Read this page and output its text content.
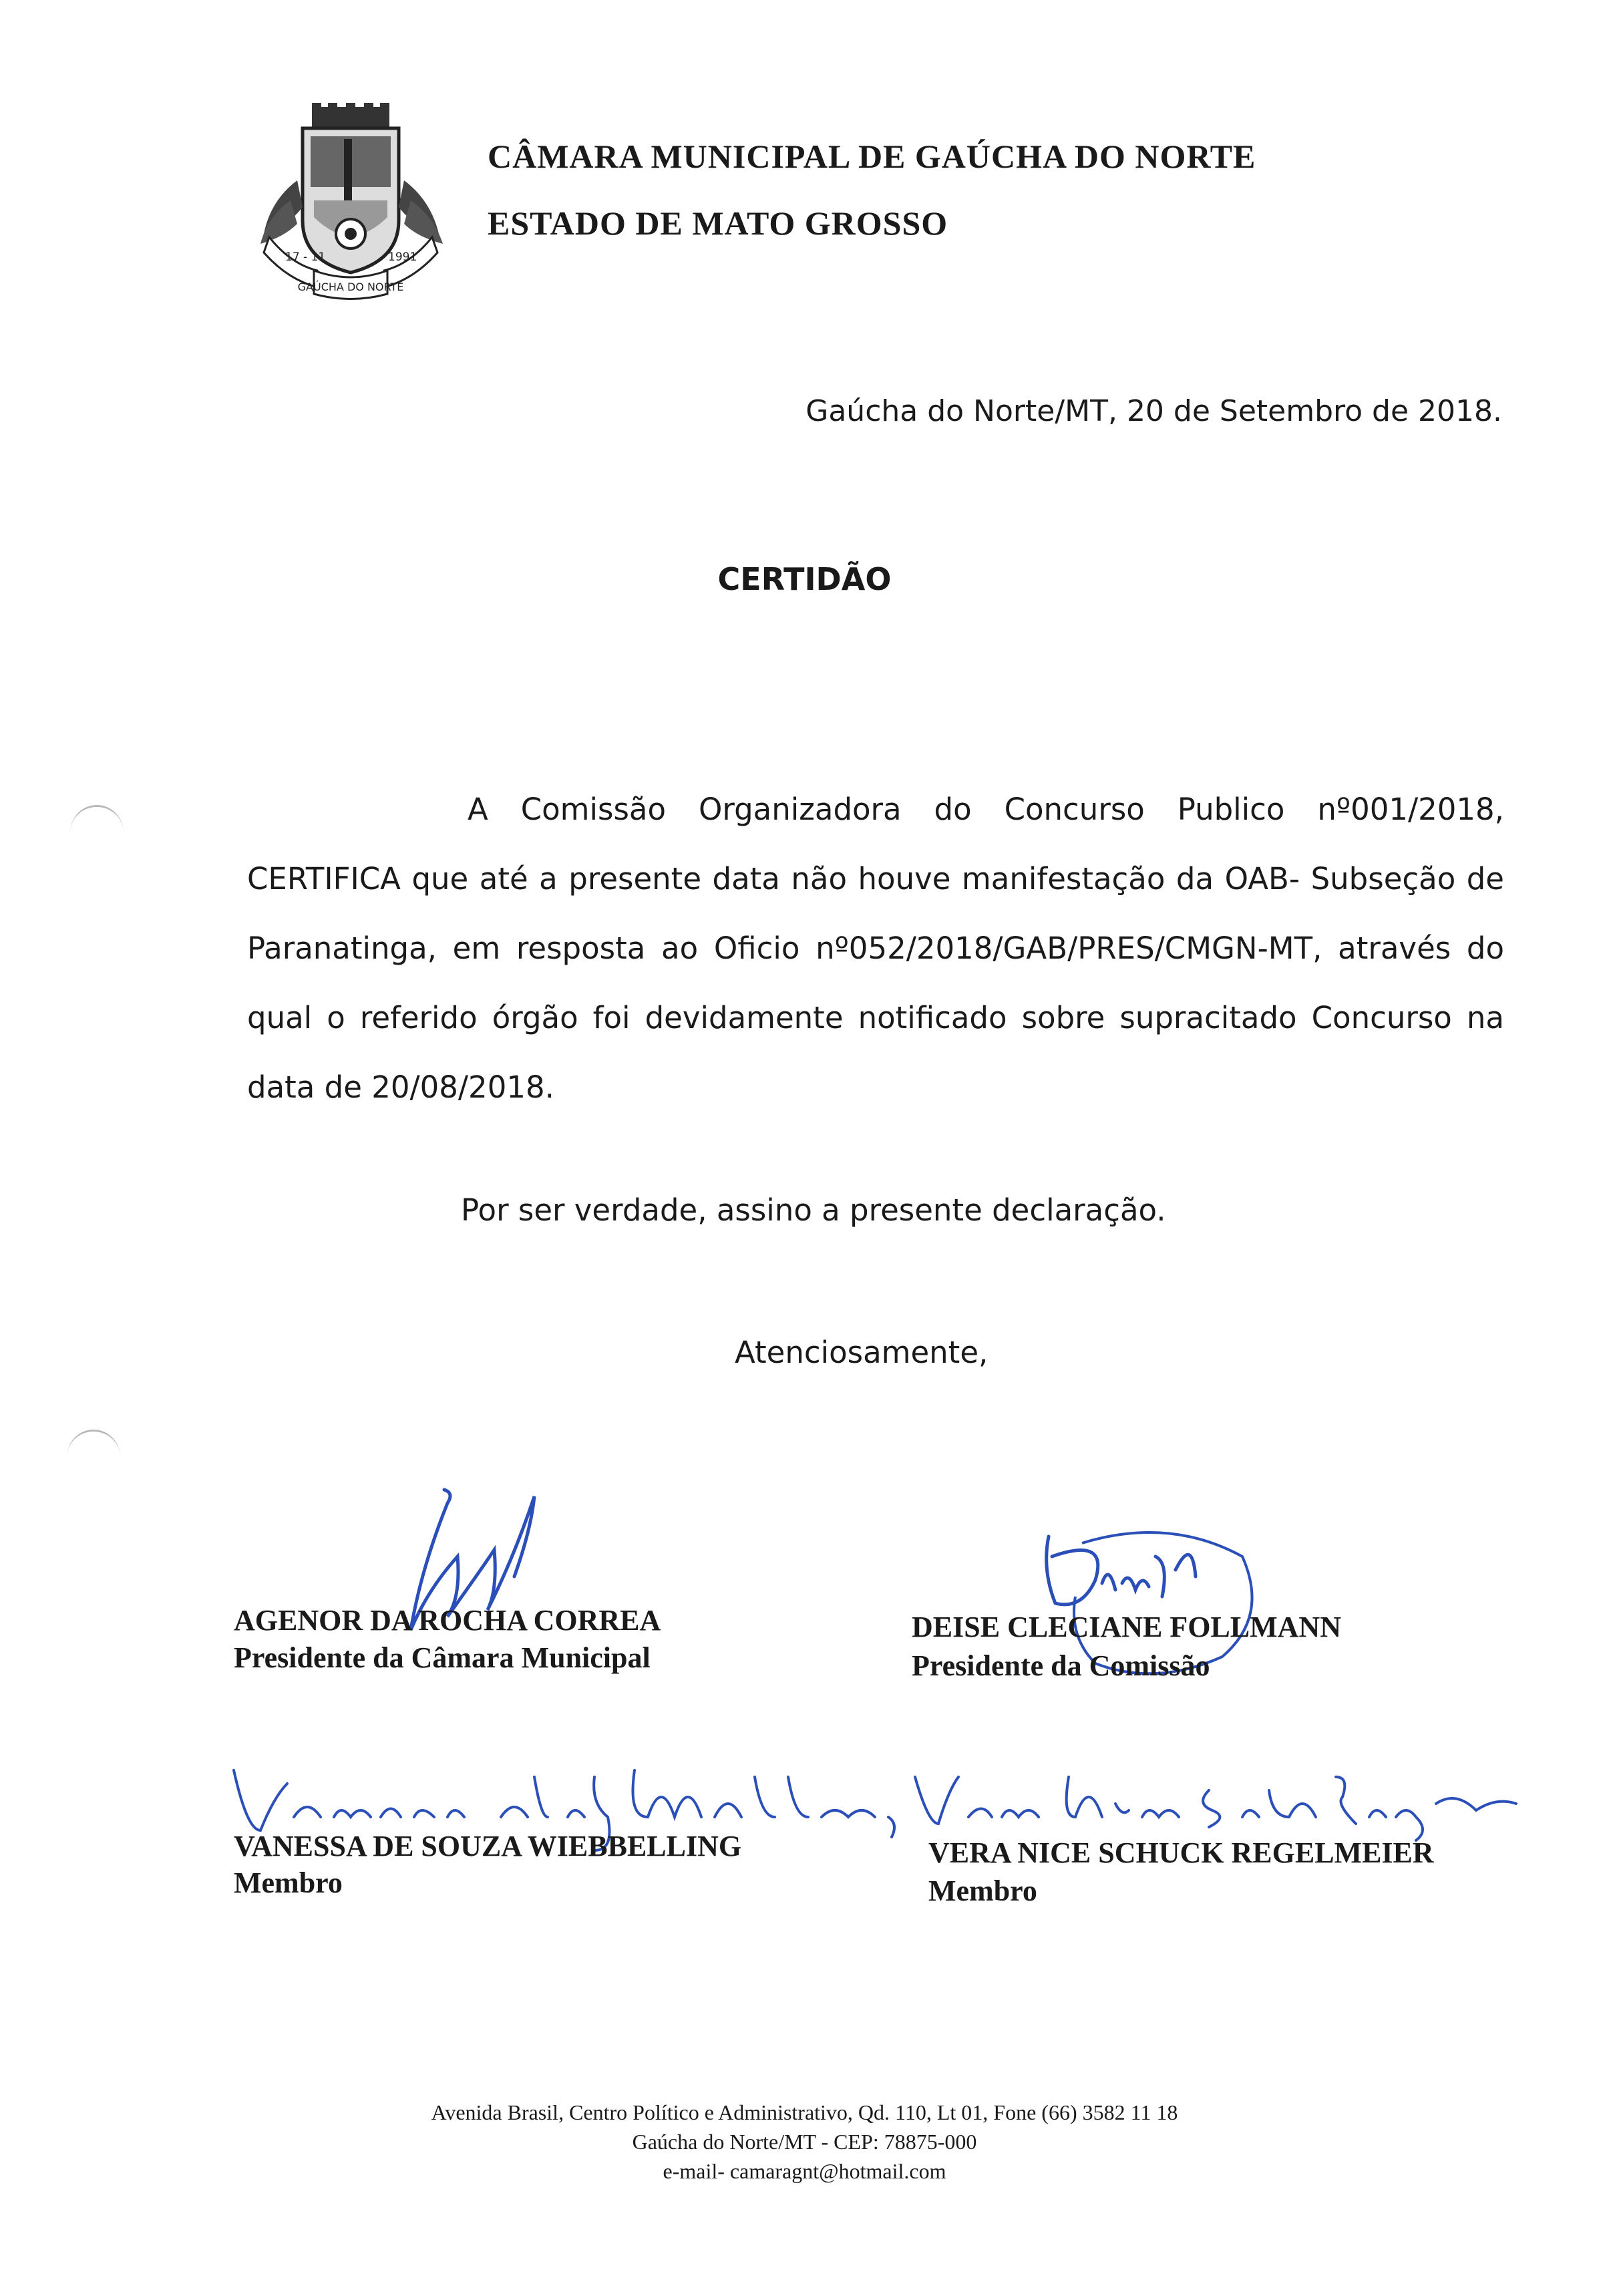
17 - 11	1991
GAÚCHA DO NORTE
CÂMARA MUNICIPAL DE GAÚCHA DO NORTE
ESTADO DE MATO GROSSO
Gaúcha do Norte/MT, 20 de Setembro de 2018.
CERTIDÃO

A Comissão Organizadora do Concurso Publico nº001/2018, CERTIFICA que até a presente data não houve manifestação da OAB- Subseção de Paranatinga, em resposta ao Oficio nº052/2018/GAB/PRES/CMGN-MT, através do qual o referido órgão foi devidamente notificado sobre supracitado Concurso na data de 20/08/2018.

Por ser verdade, assino a presente declaração.
Atenciosamente,
AGENOR DA ROCHA CORREA
Presidente da Câmara Municipal
DEISE CLECIANE FOLLMANN
Presidente da Comissão
VANESSA DE SOUZA WIEBBELLING
Membro
VERA NICE SCHUCK REGELMEIER
Membro
Avenida Brasil, Centro Político e Administrativo, Qd. 110, Lt 01, Fone (66) 3582 11 18
Gaúcha do Norte/MT - CEP: 78875-000
e-mail- camaragnt@hotmail.com
